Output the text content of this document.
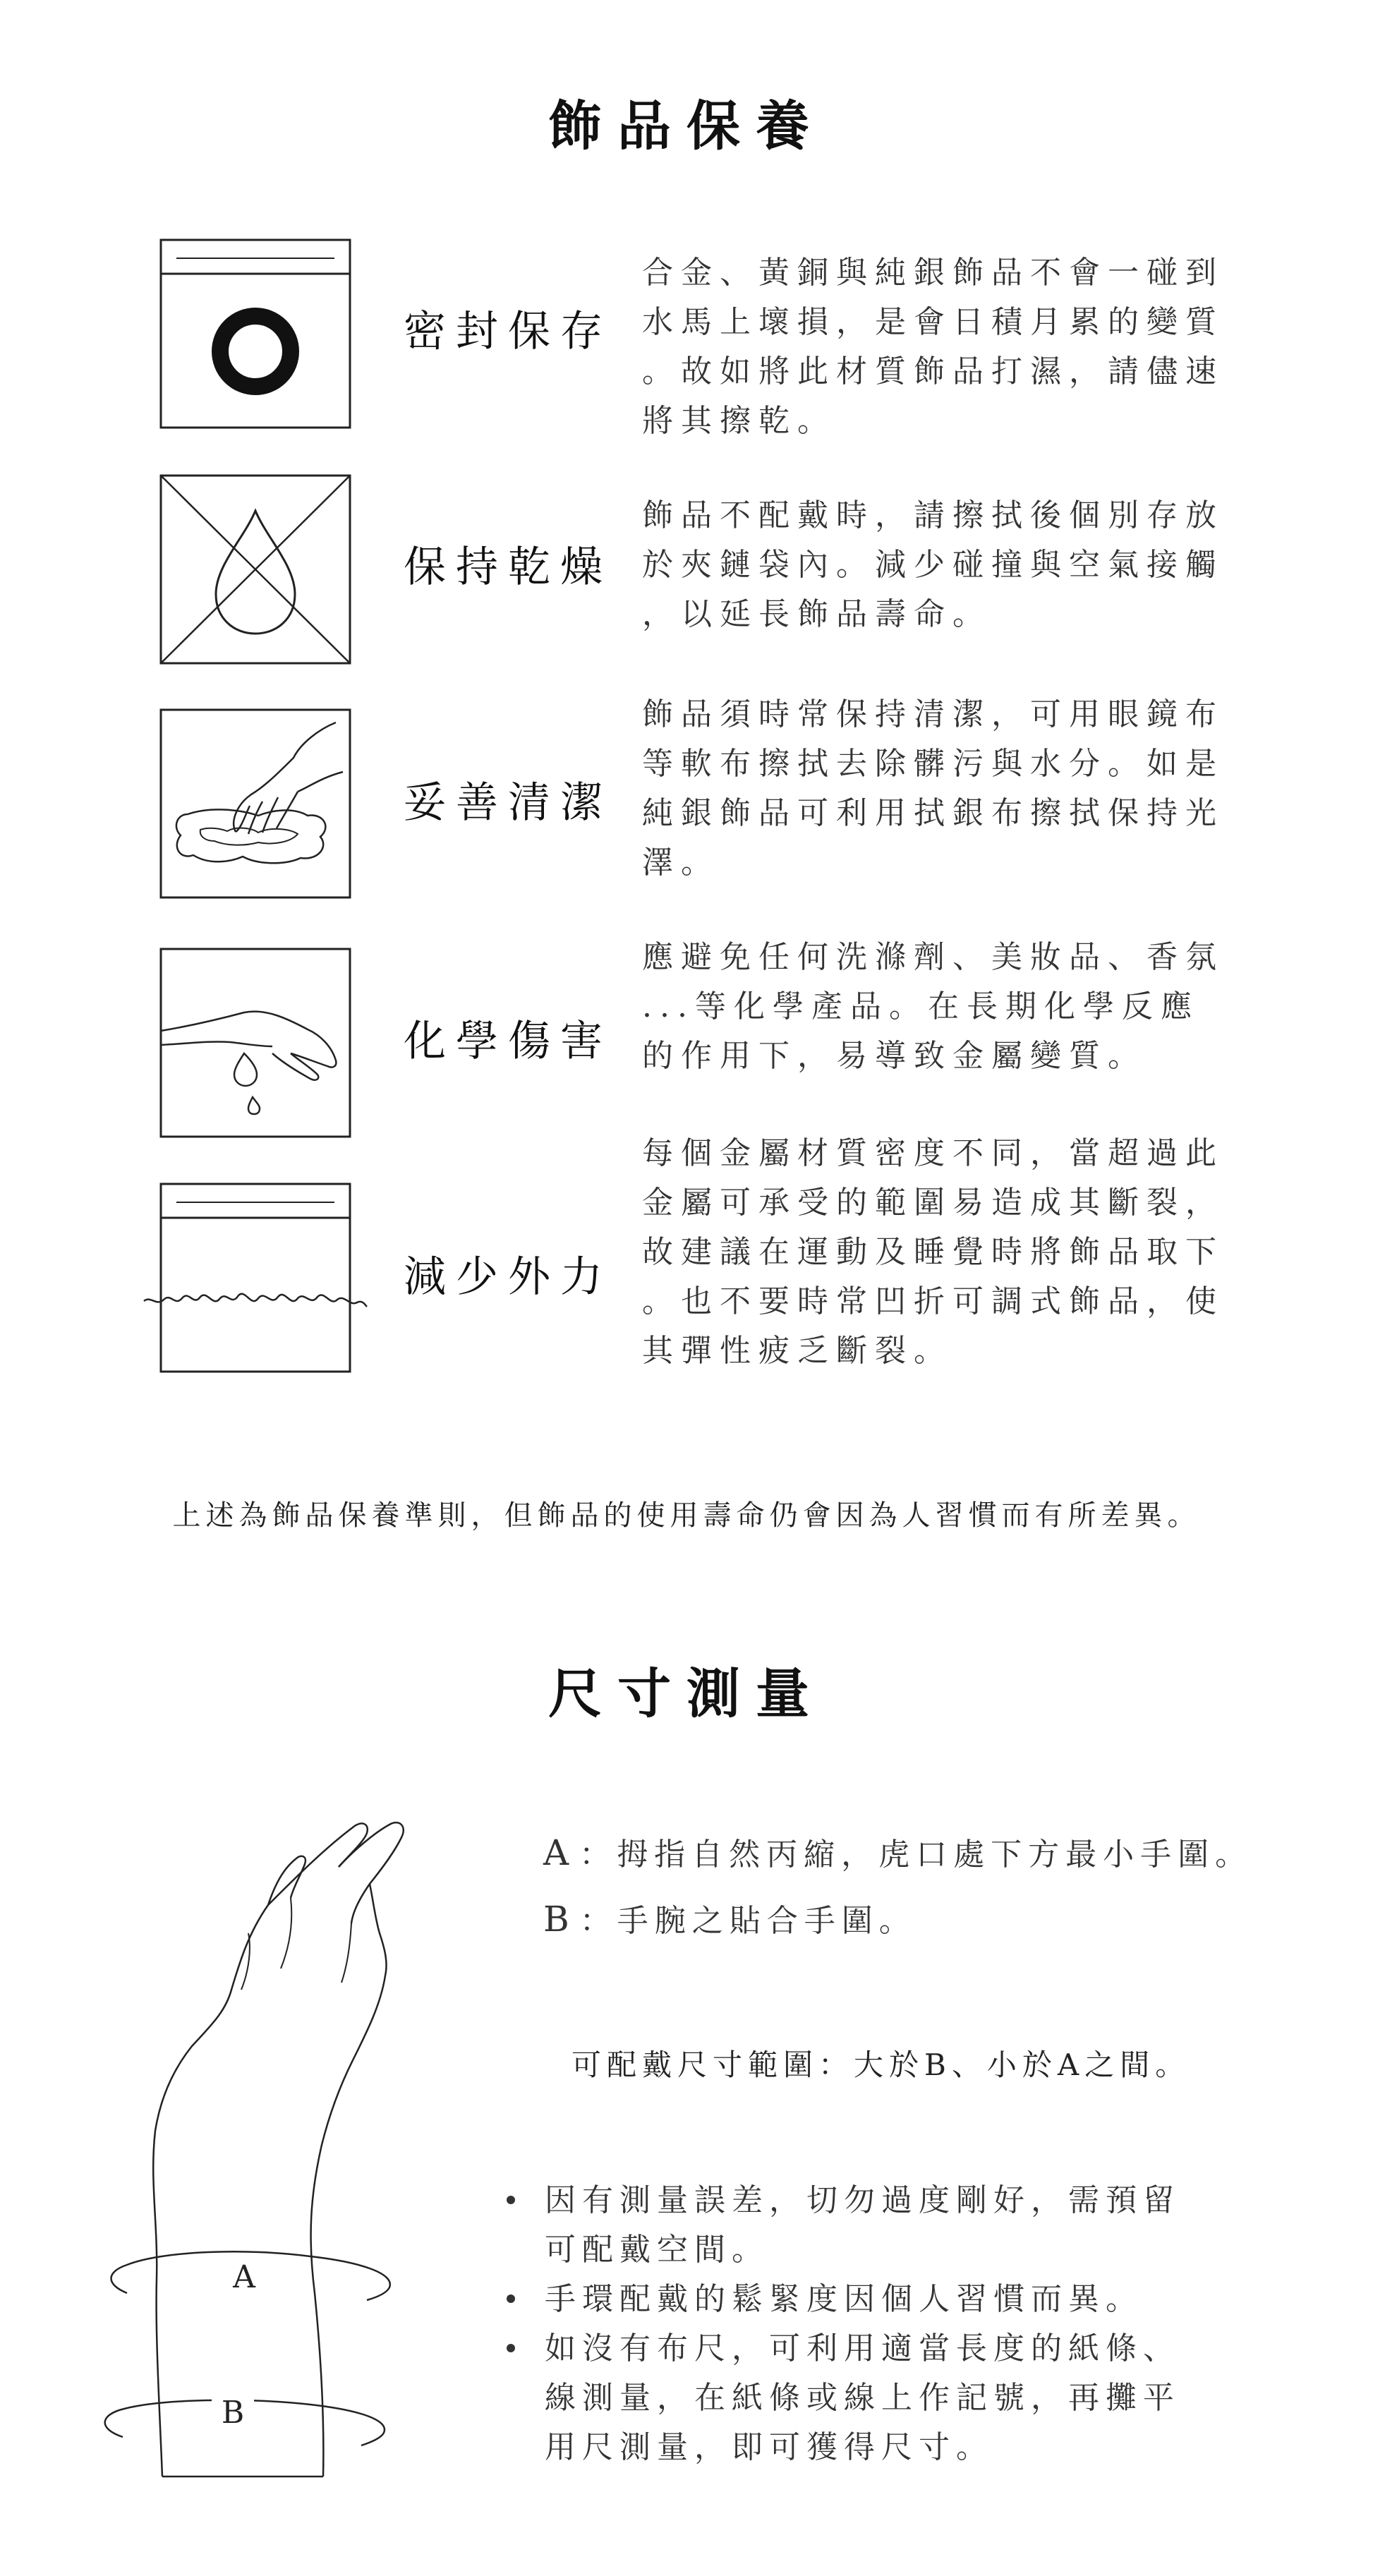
飾品保養
密封保存
合金、黃銅與純銀飾品不會一碰到
水馬上壞損，是會日積月累的變質
。故如將此材質飾品打濕，請儘速
將其擦乾。
保持乾燥
飾品不配戴時，請擦拭後個別存放
於夾鏈袋內。減少碰撞與空氣接觸
，以延長飾品壽命。
妥善清潔
飾品須時常保持清潔，可用眼鏡布
等軟布擦拭去除髒污與水分。如是
純銀飾品可利用拭銀布擦拭保持光
澤。
化學傷害
應避免任何洗滌劑、美妝品、香氛
...等化學產品。在長期化學反應
的作用下，易導致金屬變質。
減少外力
每個金屬材質密度不同，當超過此
金屬可承受的範圍易造成其斷裂，
故建議在運動及睡覺時將飾品取下
。也不要時常凹折可調式飾品，使
其彈性疲乏斷裂。
上述為飾品保養準則，但飾品的使用壽命仍會因為人習慣而有所差異。
尺寸測量
A
B
A ：拇指自然丙縮，虎口處下方最小手圍。
B ：手腕之貼合手圍。
可配戴尺寸範圍：大於B、小於A之間。
因有測量誤差，切勿過度剛好，需預留
可配戴空間。
手環配戴的鬆緊度因個人習慣而異。
如沒有布尺，可利用適當長度的紙條、
線測量，在紙條或線上作記號，再攤平
用尺測量，即可獲得尺寸。
